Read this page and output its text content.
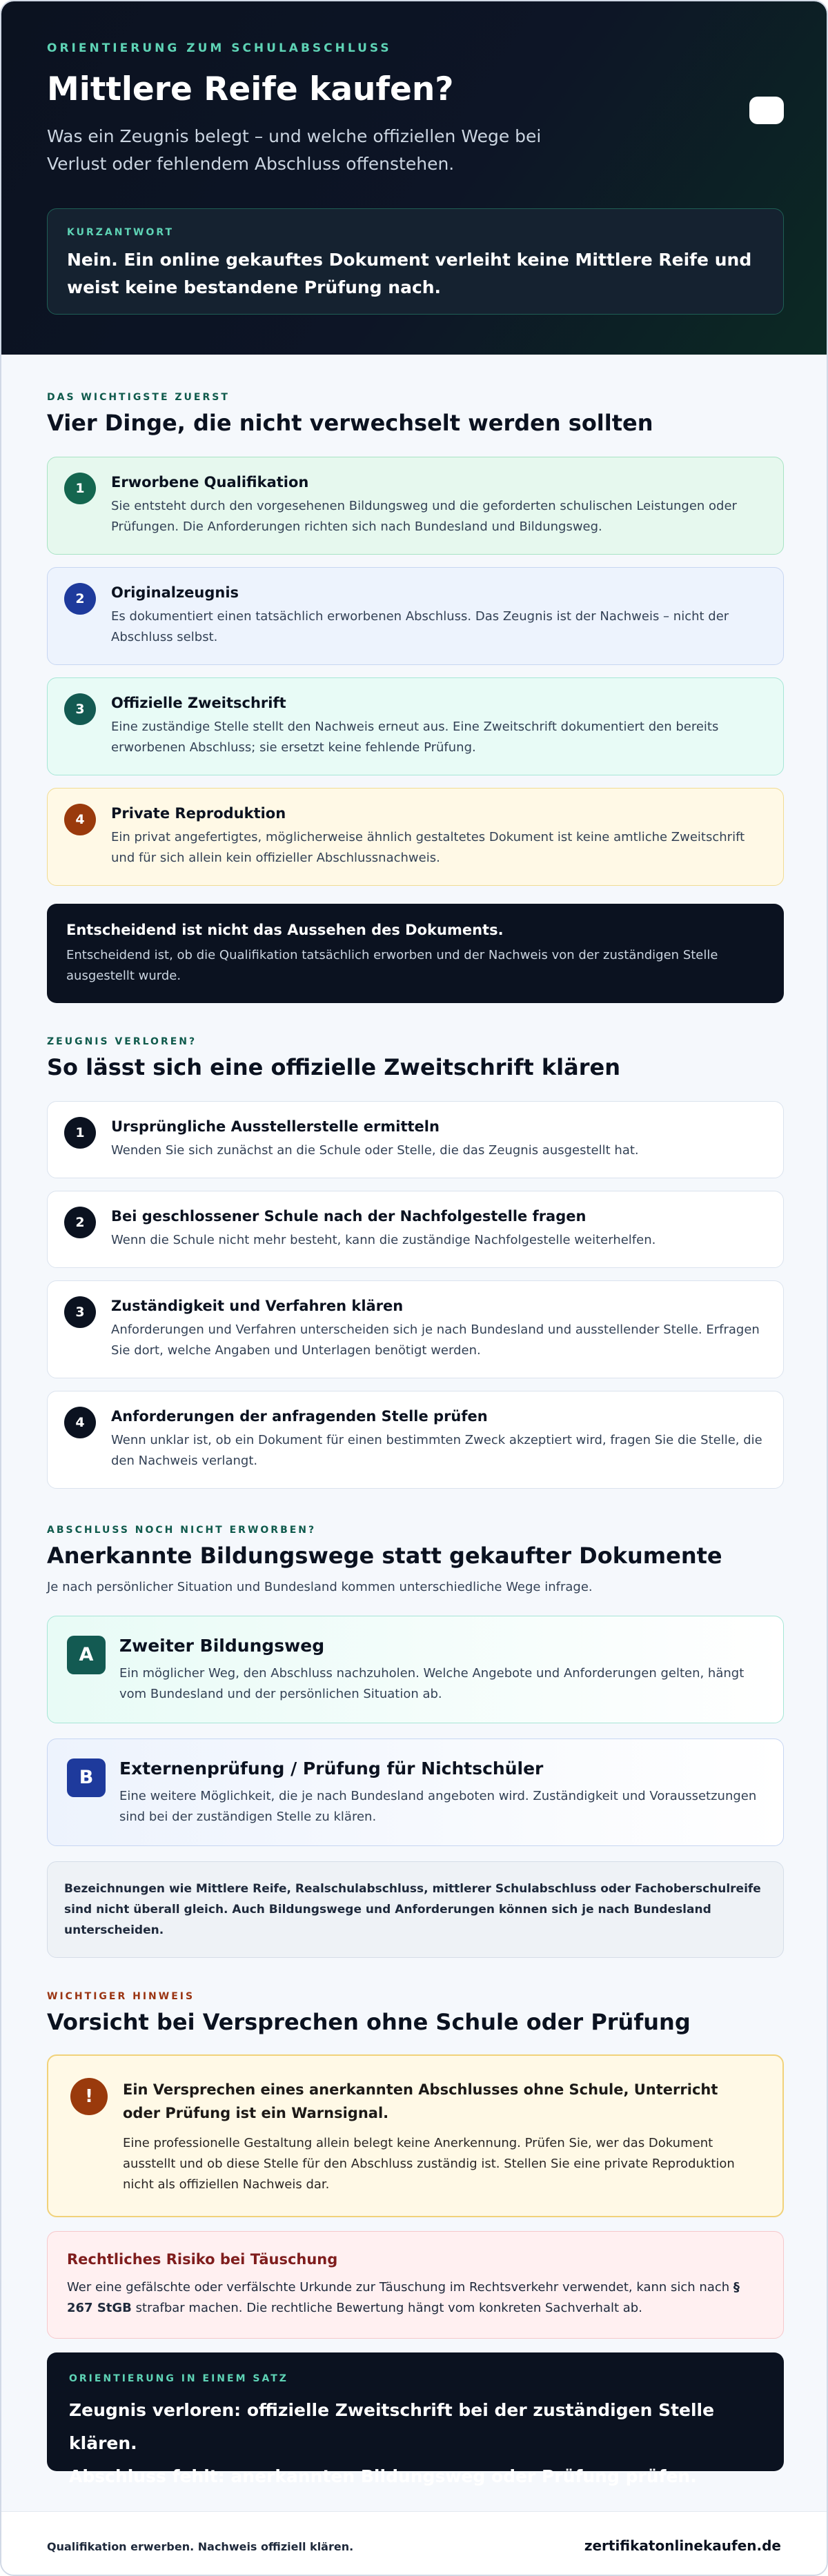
ORIENTIERUNG ZUM SCHULABSCHLUSS
Mittlere Reife kaufen?

Was ein Zeugnis belegt – und welche offiziellen Wege bei Verlust oder fehlendem Abschluss offenstehen.

KURZANTWORT
Nein. Ein online gekauftes Dokument verleiht keine Mittlere Reife und weist keine bestandene Prüfung nach.
DAS WICHTIGSTE ZUERST
Vier Dinge, die nicht verwechselt werden sollten
1	Erworbene Qualifikation
Sie entsteht durch den vorgesehenen Bildungsweg und die geforderten schulischen Leistungen oder Prüfungen. Die Anforderungen richten sich nach Bundesland und Bildungsweg.
2	Originalzeugnis
Es dokumentiert einen tatsächlich erworbenen Abschluss. Das Zeugnis ist der Nachweis – nicht der Abschluss selbst.
3	Offizielle Zweitschrift
Eine zuständige Stelle stellt den Nachweis erneut aus. Eine Zweitschrift dokumentiert den bereits erworbenen Abschluss; sie ersetzt keine fehlende Prüfung.
4	Private Reproduktion
Ein privat angefertigtes, möglicherweise ähnlich gestaltetes Dokument ist keine amtliche Zweitschrift und für sich allein kein offizieller Abschlussnachweis.
Entscheidend ist nicht das Aussehen des Dokuments.
Entscheidend ist, ob die Qualifikation tatsächlich erworben und der Nachweis von der zuständigen Stelle ausgestellt wurde.
ZEUGNIS VERLOREN?
So lässt sich eine offizielle Zweitschrift klären
1	Ursprüngliche Ausstellerstelle ermitteln
Wenden Sie sich zunächst an die Schule oder Stelle, die das Zeugnis ausgestellt hat.
2	Bei geschlossener Schule nach der Nachfolgestelle fragen
Wenn die Schule nicht mehr besteht, kann die zuständige Nachfolgestelle weiterhelfen.
3	Zuständigkeit und Verfahren klären
Anforderungen und Verfahren unterscheiden sich je nach Bundesland und ausstellender Stelle. Erfragen Sie dort, welche Angaben und Unterlagen benötigt werden.
4	Anforderungen der anfragenden Stelle prüfen
Wenn unklar ist, ob ein Dokument für einen bestimmten Zweck akzeptiert wird, fragen Sie die Stelle, die den Nachweis verlangt.
ABSCHLUSS NOCH NICHT ERWORBEN?
Anerkannte Bildungswege statt gekaufter Dokumente

Je nach persönlicher Situation und Bundesland kommen unterschiedliche Wege infrage.

A	Zweiter Bildungsweg
Ein möglicher Weg, den Abschluss nachzuholen. Welche Angebote und Anforderungen gelten, hängt vom Bundesland und der persönlichen Situation ab.
B	Externenprüfung / Prüfung für Nichtschüler
Eine weitere Möglichkeit, die je nach Bundesland angeboten wird. Zuständigkeit und Voraussetzungen sind bei der zuständigen Stelle zu klären.
Bezeichnungen wie Mittlere Reife, Realschulabschluss, mittlerer Schulabschluss oder Fachoberschulreife sind nicht überall gleich. Auch Bildungswege und Anforderungen können sich je nach Bundesland unterscheiden.
WICHTIGER HINWEIS
Vorsicht bei Versprechen ohne Schule oder Prüfung
!	Ein Versprechen eines anerkannten Abschlusses ohne Schule, Unterricht oder Prüfung ist ein Warnsignal.
Eine professionelle Gestaltung allein belegt keine Anerkennung. Prüfen Sie, wer das Dokument ausstellt und ob diese Stelle für den Abschluss zuständig ist. Stellen Sie eine private Reproduktion nicht als offiziellen Nachweis dar.
Rechtliches Risiko bei Täuschung
Wer eine gefälschte oder verfälschte Urkunde zur Täuschung im Rechtsverkehr verwendet, kann sich nach § 267 StGB strafbar machen. Die rechtliche Bewertung hängt vom konkreten Sachverhalt ab.
ORIENTIERUNG IN EINEM SATZ
Zeugnis verloren: offizielle Zweitschrift bei der zuständigen Stelle klären.
Abschluss fehlt: anerkannten Bildungsweg oder Prüfung prüfen.
Qualifikation erwerben. Nachweis offiziell klären.	zertifikatonlinekaufen.de
